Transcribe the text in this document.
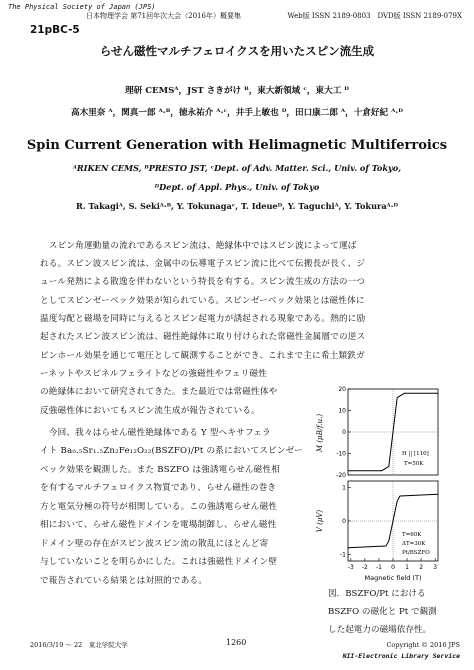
The Physical Society of Japan (JPS)
日本物理学会 第71回年次大会（2016年）概要集	Web版 ISSN 2189-0803　DVD版 ISSN 2189-079X
21pBC-5
らせん磁性マルチフェロイクスを用いたスピン流生成
理研 CEMSᴬ，JST さきがけ ᴮ，東大新領域 ᶜ，東大工 ᴰ
高木里奈 ᴬ，関真一郎 ᴬ·ᴮ，徳永祐介 ᴬ·ᶜ，井手上敏也 ᴰ，田口康二郎 ᴬ，十倉好紀 ᴬ·ᴰ
Spin Current Generation with Helimagnetic Multiferroics
ᴬRIKEN CEMS, ᴮPRESTO JST, ᶜDept. of Adv. Matter. Sci., Univ. of Tokyo,
ᴰDept. of Appl. Phys., Univ. of Tokyo
R. Takagiᴬ, S. Sekiᴬ·ᴮ, Y. Tokunagaᶜ, T. Ideueᴰ, Y. Taguchiᴬ, Y. Tokuraᴬ·ᴰ
　スピン角運動量の流れであるスピン流は、絶縁体中ではスピン波によって運ば
れる。スピン波スピン流は、金属中の伝導電子スピン流に比べて伝搬長が長く、ジ
ュール発熱による散逸を伴わないという特長を有する。スピン流生成の方法の一つ
としてスピンゼーベック効果が知られている。スピンゼーベック効果とは磁性体に
温度勾配と磁場を同時に与えるとスピン起電力が誘起される現象である。熱的に励
起されたスピン波スピン流は、磁性絶縁体に取り付けられた常磁性金属層での逆ス
ピンホール効果を通じて電圧として観測することができ、これまで主に希土類鉄ガ
ーネットやスピネルフェライトなどの強磁性やフェリ磁性
の絶縁体において研究されてきた。また最近では常磁性体や
反強磁性体においてもスピン流生成が報告されている。
　今回、我々はらせん磁性絶縁体である Y 型ヘキサフェラ
イト Ba₀.₅Sr₁.₅Zn₂Fe₁₂O₂₂(BSZFO)/Pt の系においてスピンゼー
ベック効果を観測した。また BSZFO は強誘電らせん磁性相
を有するマルチフェロイクス物質であり、らせん磁性の巻き
方と電気分極の符号が相関している。この強誘電らせん磁性
相において、らせん磁性ドメインを電場制御し、らせん磁性
ドメイン壁の存在がスピン波スピン流の散乱にほとんど寄
与していないことを明らかにした。これは強磁性ドメイン壁
で報告されている結果とは対照的である。
20
10
0
-10
-20
M (μB/f.u.)
H || [110]
T=50K
1
0
-1
V (μV)
T=60K
ΔT=30K
Pt/BSZFO
-3 -2 -1 0 1 2 3
Magnetic field (T)
図．BSZFO/Pt における
BSZFO の磁化と Pt で観測
した起電力の磁場依存性。
2016/3/19 ～ 22　東北学院大学	1260	Copyright © 2016 JPS
NII-Electronic Library Service
